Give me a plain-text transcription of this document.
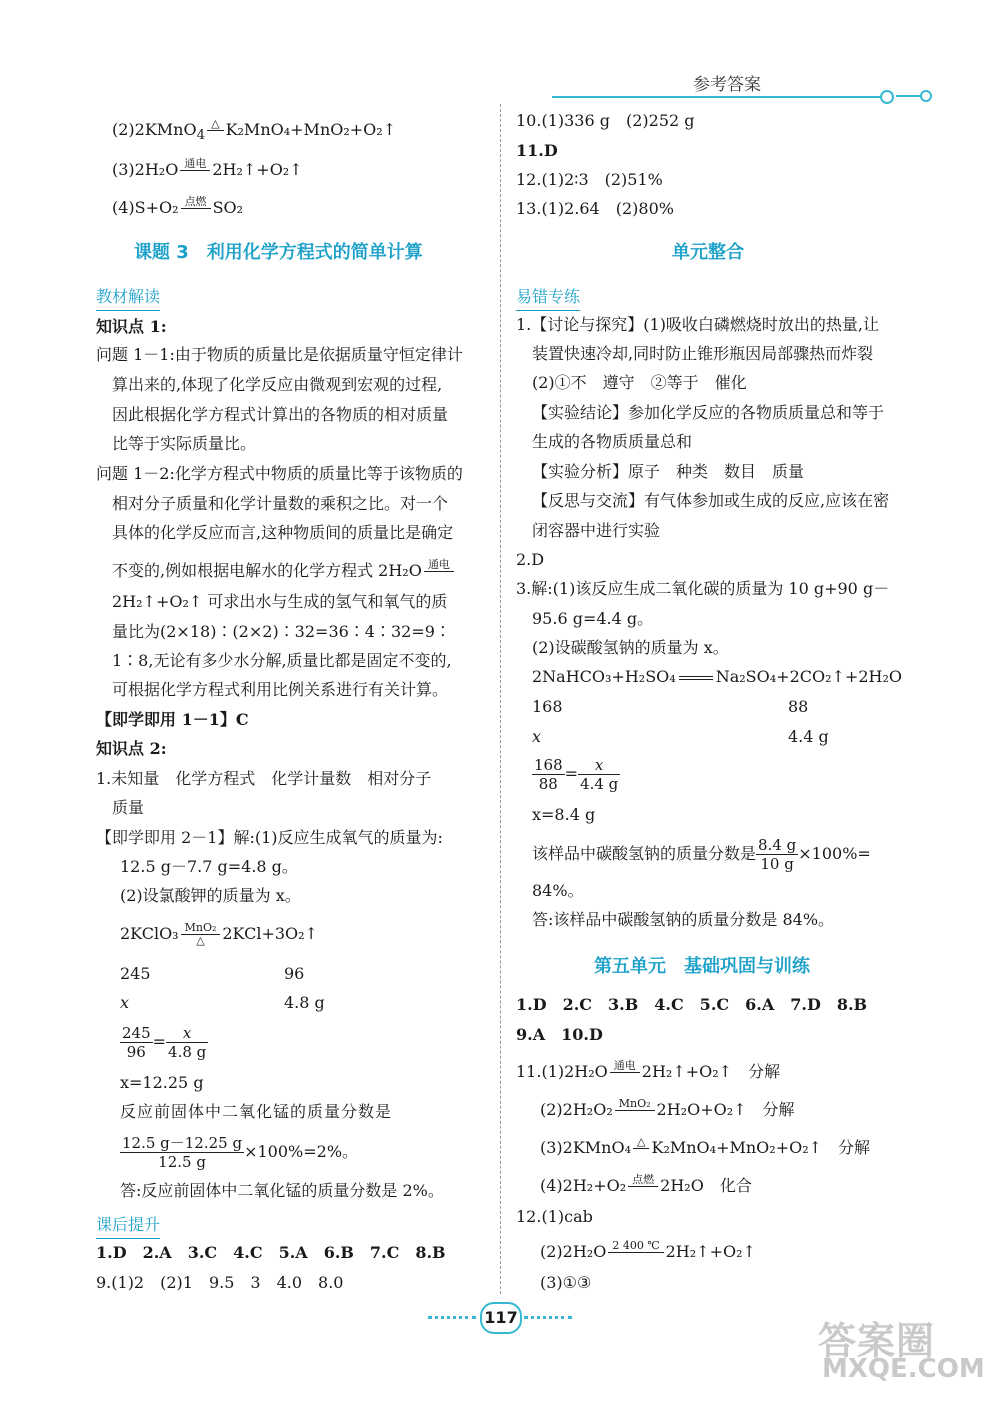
参考答案
(2)2KMnO$_4$
△
K₂MnO₄+MnO₂+O₂↑
(3)2H₂O 通电
2H₂↑+O₂↑
(4)S+O₂ 点燃
SO₂
课题 3　利用化学方程式的简单计算
教材解读
知识点 1:
问题 1－1:由于物质的质量比是依据质量守恒定律计
算出来的,体现了化学反应由微观到宏观的过程,
因此根据化学方程式计算出的各物质的相对质量
比等于实际质量比。
问题 1－2:化学方程式中物质的质量比等于该物质的
相对分子质量和化学计量数的乘积之比。对一个
具体的化学反应而言,这种物质间的质量比是确定
不变的,例如根据电解水的化学方程式 2H₂O 通电

2H₂↑+O₂↑ 可求出水与生成的氢气和氧气的质
量比为(2×18)∶(2×2)∶32=36∶4∶32=9∶
1∶8,无论有多少水分解,质量比都是固定不变的,
可根据化学方程式利用比例关系进行有关计算。
【即学即用 1－1】C
知识点 2:
1.未知量　化学方程式　化学计量数　相对分子
质量
【即学即用 2－1】解:(1)反应生成氧气的质量为:
12.5 g－7.7 g=4.8 g。
(2)设氯酸钾的质量为 x。
2KClO₃ MnO₂
△	2KCl+3O₂↑
245	96
x	4.8 g
$\frac{245}{96} = \frac{x}{4.8 g}$
x=12.25 g
反应前固体中二氧化锰的质量分数是
$\frac{12.5 g-12.25 g}{12.5 g} \times 100\%=2\%$。
答:反应前固体中二氧化锰的质量分数是 2%。
课后提升
1.D　2.A　3.C　4.C　5.A　6.B　7.C　8.B
9.(1)2　(2)1　9.5　3　4.0　8.0
10.(1)336 g　(2)252 g
11.D
12.(1)2∶3　(2)51%
13.(1)2.64　(2)80%
单元整合
易错专练
1.【讨论与探究】(1)吸收白磷燃烧时放出的热量,让
装置快速冷却,同时防止锥形瓶因局部骤热而炸裂
(2)①不　遵守　②等于　催化
【实验结论】参加化学反应的各物质质量总和等于
生成的各物质质量总和
【实验分析】原子　种类　数目　质量
【反思与交流】有气体参加或生成的反应,应该在密
闭容器中进行实验
2.D
3.解:(1)该反应生成二氧化碳的质量为 10 g+90 g－
95.6 g=4.4 g。
(2)设碳酸氢钠的质量为 x。
2NaHCO₃+H₂SO₄	Na₂SO₄+2CO₂↑+2H₂O
168	88
x	4.4 g
$\frac{168}{88} = \frac{x}{4.4 g}$
x=8.4 g
该样品中碳酸氢钠的质量分数是 $\frac{8.4 g}{10 g} \times 100\%=$
84%。
答:该样品中碳酸氢钠的质量分数是 84%。
第五单元　基础巩固与训练
1.D　2.C　3.B　4.C　5.C　6.A　7.D　8.B
9.A　10.D
11.(1)2H₂O 通电
2H₂↑+O₂↑　分解
(2)2H₂O₂ MnO₂
2H₂O+O₂↑　分解
(3)2KMnO₄ △
K₂MnO₄+MnO₂+O₂↑　分解
(4)2H₂+O₂ 点燃
2H₂O　化合
12.(1)cab
(2)2H₂O 2 400 ℃
2H₂↑+O₂↑
(3)①③
117
答案圈
MXQE.COM
